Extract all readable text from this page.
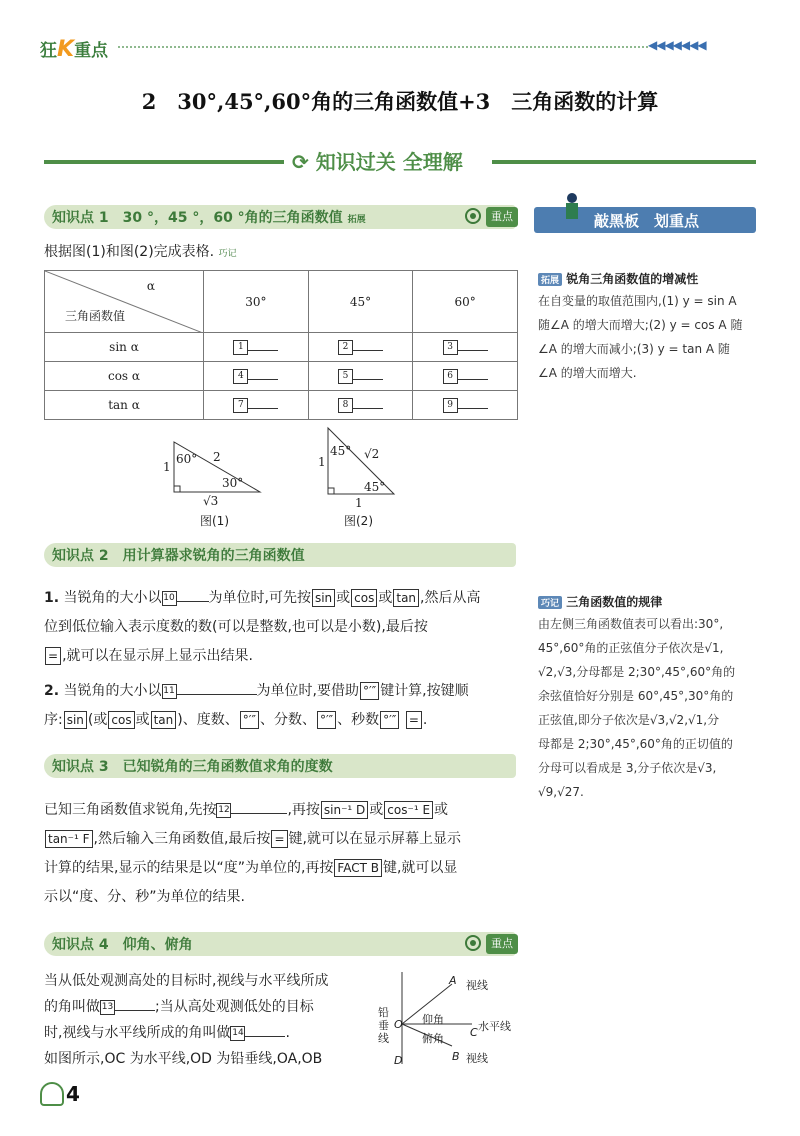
狂K重点	◀◀◀◀◀◀◀
2　30°,45°,60°角的三角函数值+3　三角函数的计算
⟳ 知识过关 全理解
知识点 1　30 °，45 °，60 °角的三角函数值 拓展	重点
根据图(1)和图(2)完成表格. 巧记
α
三角函数值	30°	45°	60°
sin α	1	2	3
cos α	4	5	6
tan α	7	8	9
60°
30°
1
2
√3
图(1)
45°
45°
1
√2
1
图(2)
知识点 2　用计算器求锐角的三角函数值
1. 当锐角的大小以 10 为单位时,可先按 sin 或 cos 或 tan ,然后从高
位到低位输入表示度数的数(可以是整数,也可以是小数),最后按
= ,就可以在显示屏上显示出结果.
2. 当锐角的大小以 11	为单位时,要借助 °′″ 键计算,按键顺
序: sin (或 cos 或 tan )、度数、 °′″ 、分数、 °′″ 、秒数 °′″ = .
知识点 3　已知锐角的三角函数值求角的度数
已知三角函数值求锐角,先按 12	,再按 sin⁻¹ D 或 cos⁻¹ E 或
tan⁻¹ F ,然后输入三角函数值,最后按 = 键,就可以在显示屏幕上显示
计算的结果,显示的结果是以“度”为单位的,再按 FACT B 键,就可以显
示以“度、分、秒”为单位的结果.
知识点 4　仰角、俯角	重点
当从低处观测高处的目标时,视线与水平线所成
的角叫做 13	;当从高处观测低处的目标
时,视线与水平线所成的角叫做 14	.
如图所示,OC 为水平线,OD 为铅垂线,OA,OB
A 视线
铅垂线
O 仰角
水平线
C
俯角
D	B 视线
敲黑板　划重点
拓展 锐角三角函数值的增减性
在自变量的取值范围内,(1) y = sin A
随∠A 的增大而增大;(2) y = cos A 随
∠A 的增大而减小;(3) y = tan A 随
∠A 的增大而增大.
巧记 三角函数值的规律
由左侧三角函数值表可以看出:30°,
45°,60°角的正弦值分子依次是√1,
√2,√3,分母都是 2;30°,45°,60°角的
余弦值恰好分别是 60°,45°,30°角的
正弦值,即分子依次是√3,√2,√1,分
母都是 2;30°,45°,60°角的正切值的
分母可以看成是 3,分子依次是√3,
√9,√27.
4
